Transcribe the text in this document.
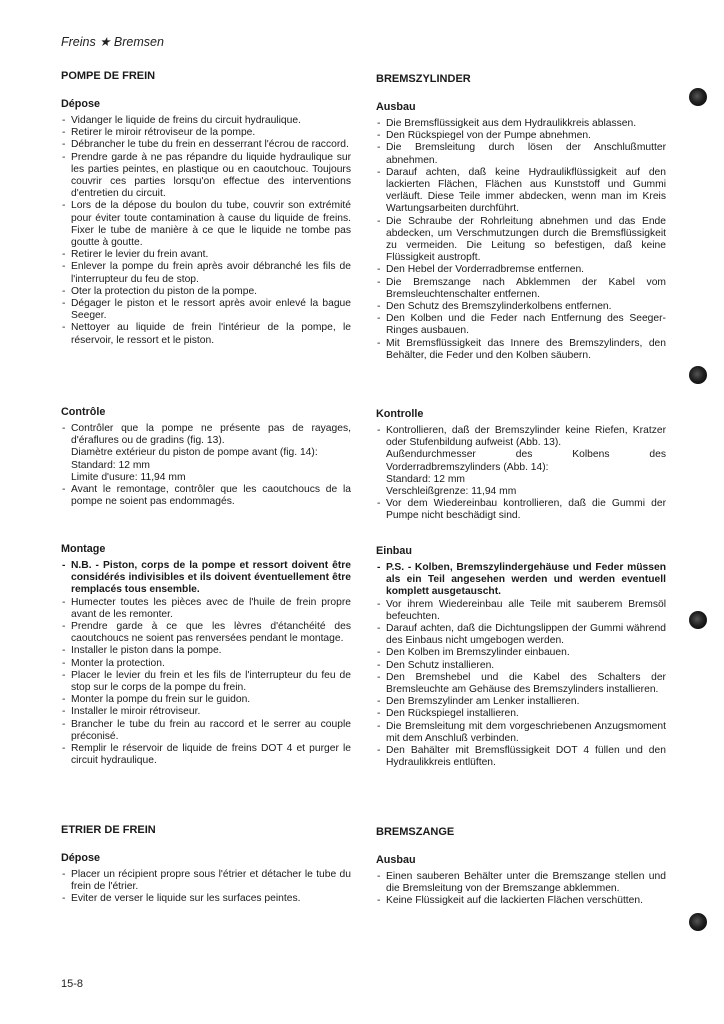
Freins ★ Bremsen
POMPE DE FREIN
Dépose
- Vidanger le liquide de freins du circuit hydraulique.
- Retirer le miroir rétroviseur de la pompe.
- Débrancher le tube du frein en desserrant l'écrou de raccord.
- Prendre garde à ne pas répandre du liquide hydraulique sur les parties peintes, en plastique ou en caoutchouc. Toujours couvrir ces parties lorsqu'on effectue des interventions d'entretien du circuit.
- Lors de la dépose du boulon du tube, couvrir son extrémité pour éviter toute contamination à cause du liquide de freins. Fixer le tube de manière à ce que le liquide ne tombe pas goutte à goutte.
- Retirer le levier du frein avant.
- Enlever la pompe du frein après avoir débranché les fils de l'interrupteur du feu de stop.
- Oter la protection du piston de la pompe.
- Dégager le piston et le ressort après avoir enlevé la bague Seeger.
- Nettoyer au liquide de frein l'intérieur de la pompe, le réservoir, le ressort et le piston.
Contrôle
- Contrôler que la pompe ne présente pas de rayages, d'éraflures ou de gradins (fig. 13).
Diamètre extérieur du piston de pompe avant (fig. 14):
Standard: 12 mm
Limite d'usure: 11,94 mm
- Avant le remontage, contrôler que les caoutchoucs de la pompe ne soient pas endommagés.
Montage
- N.B. - Piston, corps de la pompe et ressort doivent être considérés indivisibles et ils doivent éventuellement être remplacés tous ensemble.
- Humecter toutes les pièces avec de l'huile de frein propre avant de les remonter.
- Prendre garde à ce que les lèvres d'étanchéité des caoutchoucs ne soient pas renversées pendant le montage.
- Installer le piston dans la pompe.
- Monter la protection.
- Placer le levier du frein et les fils de l'interrupteur du feu de stop sur le corps de la pompe du frein.
- Monter la pompe du frein sur le guidon.
- Installer le miroir rétroviseur.
- Brancher le tube du frein au raccord et le serrer au couple préconisé.
- Remplir le réservoir de liquide de freins DOT 4 et purger le circuit hydraulique.
ETRIER DE FREIN
Dépose
- Placer un récipient propre sous l'étrier et détacher le tube du frein de l'étrier.
- Eviter de verser le liquide sur les surfaces peintes.
BREMSZYLINDER
Ausbau
- Die Bremsflüssigkeit aus dem Hydraulikkreis ablassen.
- Den Rückspiegel von der Pumpe abnehmen.
- Die Bremsleitung durch lösen der Anschlußmutter abnehmen.
- Darauf achten, daß keine Hydraulikflüssigkeit auf den lackierten Flächen, Flächen aus Kunststoff und Gummi verläuft. Diese Teile immer abdecken, wenn man im Kreis Wartungsarbeiten durchführt.
- Die Schraube der Rohrleitung abnehmen und das Ende abdecken, um Verschmutzungen durch die Bremsflüssigkeit zu vermeiden. Die Leitung so befestigen, daß keine Flüssigkeit austropft.
- Den Hebel der Vorderradbremse entfernen.
- Die Bremszange nach Abklemmen der Kabel vom Bremsleuchtenschalter entfernen.
- Den Schutz des Bremszylinderkolbens entfernen.
- Den Kolben und die Feder nach Entfernung des Seeger-Ringes ausbauen.
- Mit Bremsflüssigkeit das Innere des Bremszylinders, den Behälter, die Feder und den Kolben säubern.
Kontrolle
- Kontrollieren, daß der Bremszylinder keine Riefen, Kratzer oder Stufenbildung aufweist (Abb. 13).
Außendurchmesser des Kolbens des Vorderradbremszylinders (Abb. 14):
Standard: 12 mm
Verschleißgrenze: 11,94 mm
- Vor dem Wiedereinbau kontrollieren, daß die Gummi der Pumpe nicht beschädigt sind.
Einbau
- P.S. - Kolben, Bremszylindergehäuse und Feder müssen als ein Teil angesehen werden und werden eventuell komplett ausgetauscht.
- Vor ihrem Wiedereinbau alle Teile mit sauberem Bremsöl befeuchten.
- Darauf achten, daß die Dichtungslippen der Gummi während des Einbaus nicht umgebogen werden.
- Den Kolben im Bremszylinder einbauen.
- Den Schutz installieren.
- Den Bremshebel und die Kabel des Schalters der Bremsleuchte am Gehäuse des Bremszylinders installieren.
- Den Bremszylinder am Lenker installieren.
- Den Rückspiegel installieren.
- Die Bremsleitung mit dem vorgeschriebenen Anzugsmoment mit dem Anschluß verbinden.
- Den Bahälter mit Bremsflüssigkeit DOT 4 füllen und den Hydraulikkreis entlüften.
BREMSZANGE
Ausbau
- Einen sauberen Behälter unter die Bremszange stellen und die Bremsleitung von der Bremszange abklemmen.
- Keine Flüssigkeit auf die lackierten Flächen verschütten.
15-8
